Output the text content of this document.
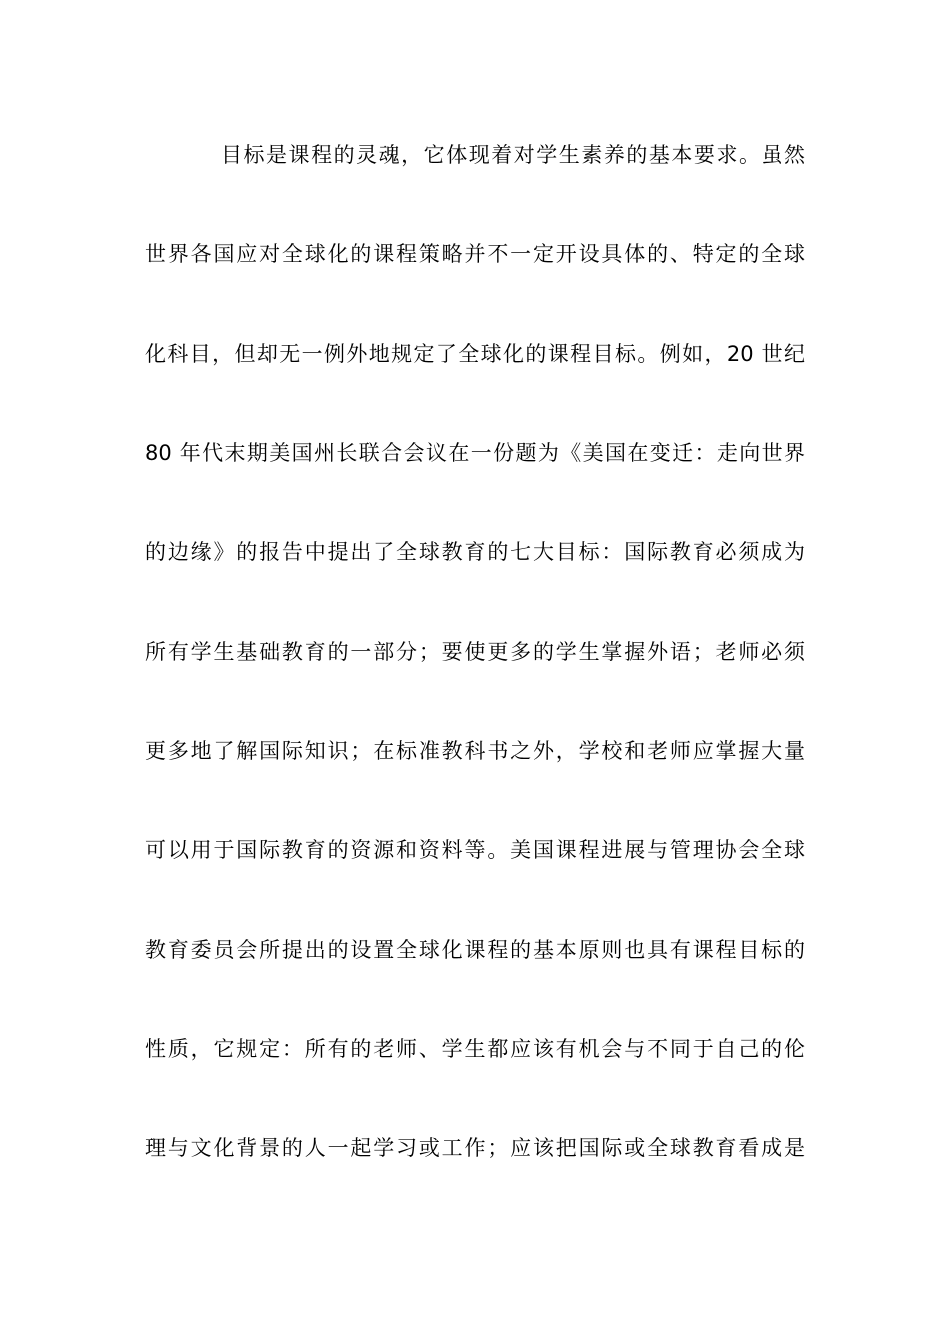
目标是课程的灵魂，它体现着对学生素养的基本要求。虽然
世界各国应对全球化的课程策略并不一定开设具体的、特定的全球
化科目，但却无一例外地规定了全球化的课程目标。例如，20 世纪
80 年代末期美国州长联合会议在一份题为《美国在变迁：走向世界
的边缘》的报告中提出了全球教育的七大目标：国际教育必须成为
所有学生基础教育的一部分；要使更多的学生掌握外语；老师必须
更多地了解国际知识；在标准教科书之外，学校和老师应掌握大量
可以用于国际教育的资源和资料等。美国课程进展与管理协会全球
教育委员会所提出的设置全球化课程的基本原则也具有课程目标的
性质，它规定：所有的老师、学生都应该有机会与不同于自己的伦
理与文化背景的人一起学习或工作；应该把国际或全球教育看成是
